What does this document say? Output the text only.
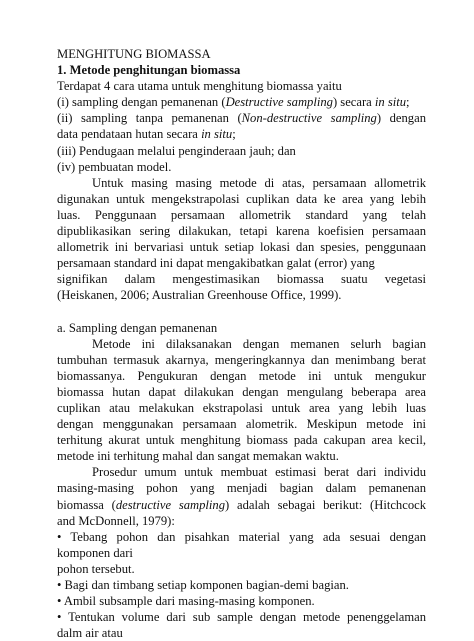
MENGHITUNG BIOMASSA

1. Metode penghitungan biomassa

Terdapat 4 cara utama untuk menghitung biomassa yaitu

(i) sampling dengan pemanenan (Destructive sampling) secara in situ;

(ii) sampling tanpa pemanenan (Non-destructive sampling) dengan

data pendataan hutan secara in situ;

(iii) Pendugaan melalui penginderaan jauh; dan

(iv) pembuatan model.

Untuk masing masing metode di atas, persamaan allometrik

digunakan untuk mengekstrapolasi cuplikan data ke area yang lebih

luas. Penggunaan persamaan allometrik standard yang telah

dipublikasikan sering dilakukan, tetapi karena koefisien persamaan

allometrik ini bervariasi untuk setiap lokasi dan spesies, penggunaan

persamaan standard ini dapat mengakibatkan galat (error) yang

signifikan dalam mengestimasikan biomassa suatu vegetasi

(Heiskanen, 2006; Australian Greenhouse Office, 1999).

a. Sampling dengan pemanenan

Metode ini dilaksanakan dengan memanen selurh bagian

tumbuhan termasuk akarnya, mengeringkannya dan menimbang berat

biomassanya. Pengukuran dengan metode ini untuk mengukur

biomassa hutan dapat dilakukan dengan mengulang beberapa area

cuplikan atau melakukan ekstrapolasi untuk area yang lebih luas

dengan menggunakan persamaan alometrik. Meskipun metode ini

terhitung akurat untuk menghitung biomass pada cakupan area kecil,

metode ini terhitung mahal dan sangat memakan waktu.

Prosedur umum untuk membuat estimasi berat dari individu

masing-masing pohon yang menjadi bagian dalam pemanenan

biomassa (destructive sampling) adalah sebagai berikut: (Hitchcock

and McDonnell, 1979):

• Tebang pohon dan pisahkan material yang ada sesuai dengan

komponen dari

pohon tersebut.

• Bagi dan timbang setiap komponen bagian-demi bagian.

• Ambil subsample dari masing-masing komponen.

• Tentukan volume dari sub sample dengan metode penenggelaman

dalm air atau
